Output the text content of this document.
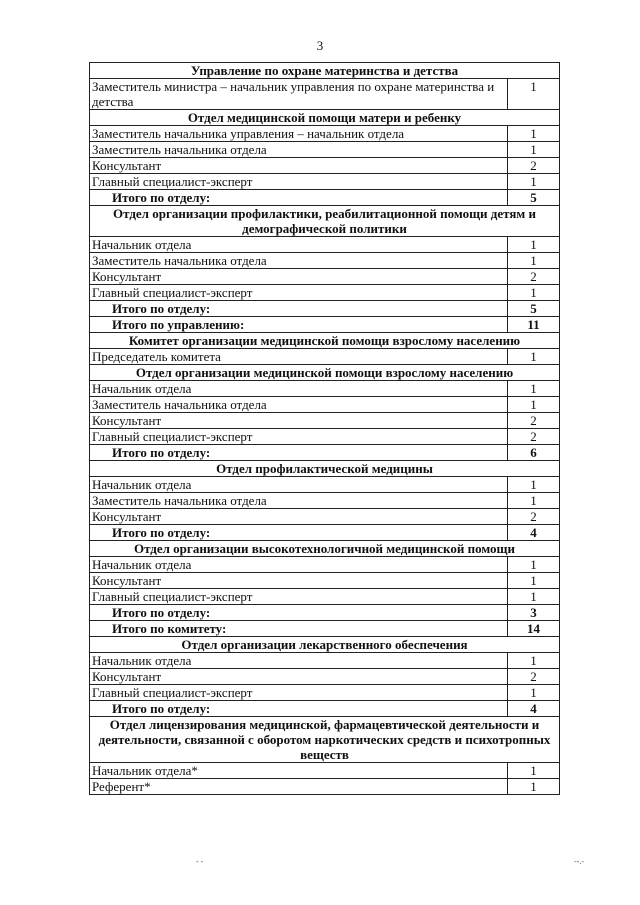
3
Управление по охране материнства и детства	
Заместитель министра – начальник управления по охране материнства и детства	1
Отдел медицинской помощи матери и ребенку	
Заместитель начальника управления – начальник отдела	1
Заместитель начальника отдела	1
Консультант	2
Главный специалист-эксперт	1
Итого по отделу:	5
Отдел организации профилактики, реабилитационной помощи детям и демографической политики	
Начальник отдела	1
Заместитель начальника отдела	1
Консультант	2
Главный специалист-эксперт	1
Итого по отделу:	5
Итого по управлению:	11
Комитет организации медицинской помощи взрослому населению	
Председатель комитета	1
Отдел организации медицинской помощи взрослому населению	
Начальник отдела	1
Заместитель начальника отдела	1
Консультант	2
Главный специалист-эксперт	2
Итого по отделу:	6
Отдел профилактической медицины	
Начальник отдела	1
Заместитель начальника отдела	1
Консультант	2
Итого по отделу:	4
Отдел организации высокотехнологичной медицинской помощи	
Начальник отдела	1
Консультант	1
Главный специалист-эксперт	1
Итого по отделу:	3
Итого по комитету:	14
Отдел организации лекарственного обеспечения	
Начальник отдела	1
Консультант	2
Главный специалист-эксперт	1
Итого по отделу:	4
Отдел лицензирования медицинской, фармацевтической деятельности и деятельности, связанной с оборотом наркотических средств и психотропных веществ	
Начальник отдела*	1
Референт*	1
- ‐	--.-
